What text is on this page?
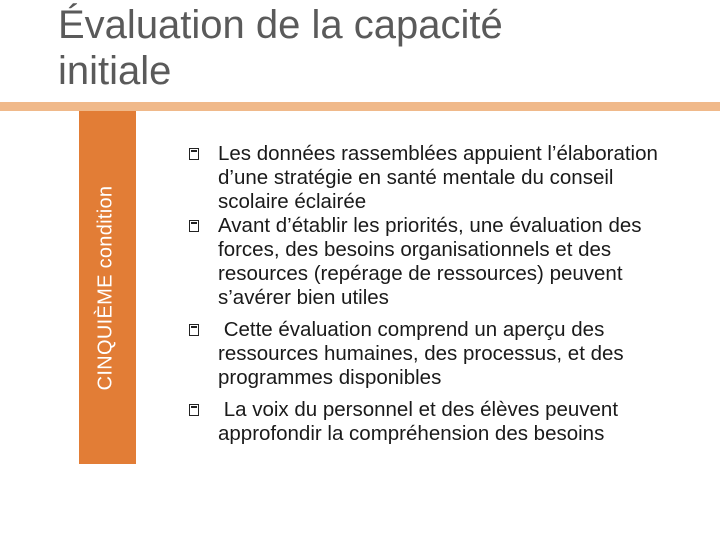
Évaluation de la capacité
initiale
CINQUIÈME condition
Les données rassemblées appuient l’élaboration d’une stratégie en santé mentale du conseil scolaire éclairée
Avant d’établir les priorités, une évaluation des forces, des besoins organisationnels et des resources (repérage de ressources) peuvent s’avérer bien utiles
Cette évaluation comprend un aperçu des ressources humaines, des processus, et des programmes disponibles
La voix du personnel et des élèves peuvent approfondir la compréhension des besoins
